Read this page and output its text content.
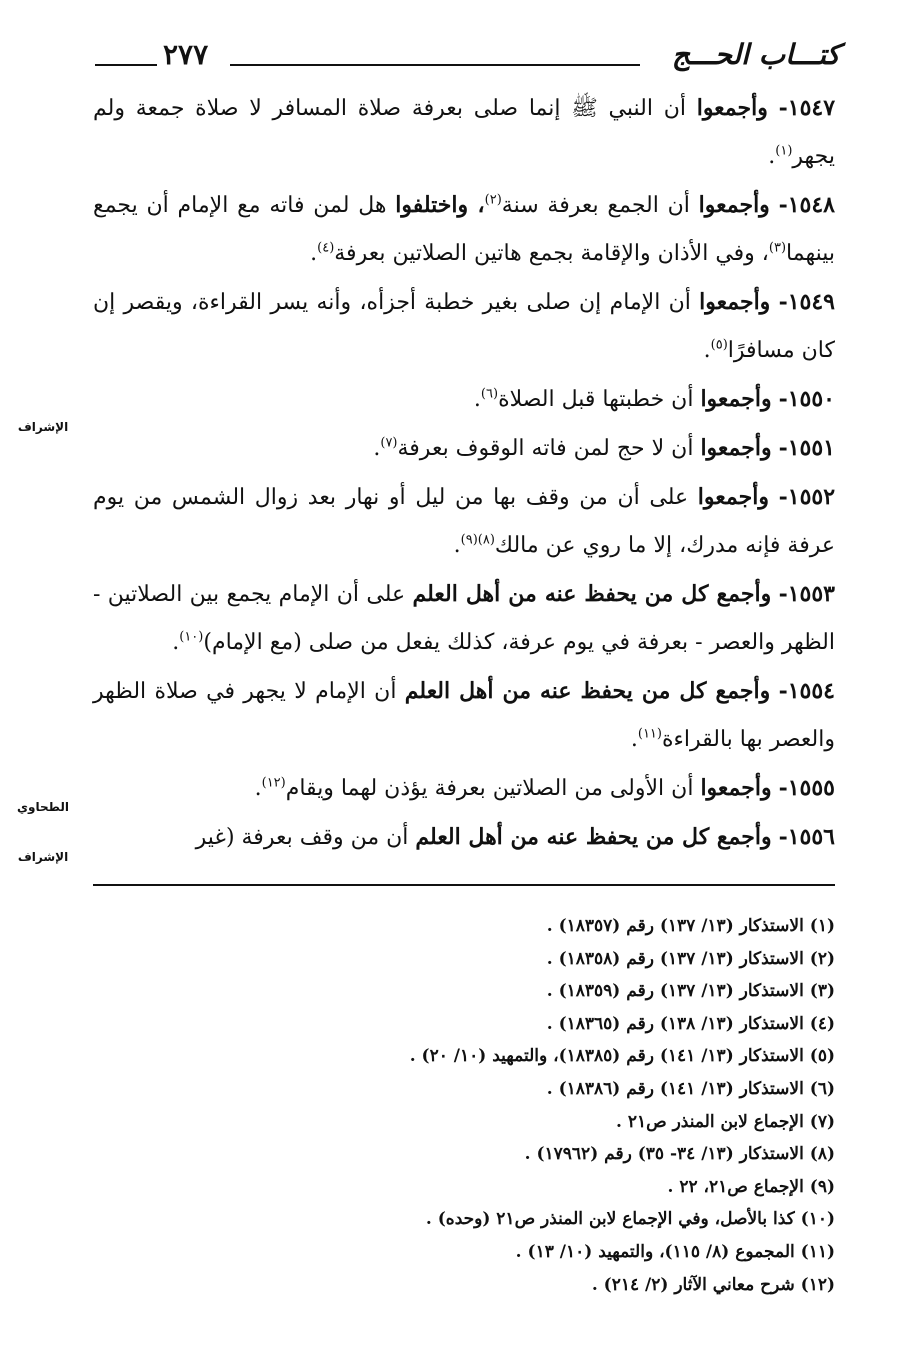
كتـــاب الحـــج
٢٧٧
الإشراف
الطحاوي
الإشراف

١٥٤٧- وأجمعوا أن النبي ﷺ إنما صلى بعرفة صلاة المسافر لا صلاة جمعة ولم يجهر$^{(١)}$.

١٥٤٨- وأجمعوا أن الجمع بعرفة سنة$^{(٢)}$، واختلفوا هل لمن فاته مع الإمام أن يجمع بينهما$^{(٣)}$، وفي الأذان والإقامة بجمع هاتين الصلاتين بعرفة$^{(٤)}$.

١٥٤٩- وأجمعوا أن الإمام إن صلى بغير خطبة أجزأه، وأنه يسر القراءة، ويقصر إن كان مسافرًا$^{(٥)}$.

١٥٥٠- وأجمعوا أن خطبتها قبل الصلاة$^{(٦)}$.

١٥٥١- وأجمعوا أن لا حج لمن فاته الوقوف بعرفة$^{(٧)}$.

١٥٥٢- وأجمعوا على أن من وقف بها من ليل أو نهار بعد زوال الشمس من يوم عرفة فإنه مدرك، إلا ما روي عن مالك$^{(٨)(٩)}$.

١٥٥٣- وأجمع كل من يحفظ عنه من أهل العلم على أن الإمام يجمع بين الصلاتين - الظهر والعصر - بعرفة في يوم عرفة، كذلك يفعل من صلى (مع الإمام)$^{(١٠)}$.

١٥٥٤- وأجمع كل من يحفظ عنه من أهل العلم أن الإمام لا يجهر في صلاة الظهر والعصر بها بالقراءة$^{(١١)}$.

١٥٥٥- وأجمعوا أن الأولى من الصلاتين بعرفة يؤذن لهما ويقام$^{(١٢)}$.

١٥٥٦- وأجمع كل من يحفظ عنه من أهل العلم أن من وقف بعرفة (غير

(١) الاستذكار (١٣/ ١٣٧) رقم (١٨٣٥٧) .

(٢) الاستذكار (١٣/ ١٣٧) رقم (١٨٣٥٨) .

(٣) الاستذكار (١٣/ ١٣٧) رقم (١٨٣٥٩) .

(٤) الاستذكار (١٣/ ١٣٨) رقم (١٨٣٦٥) .

(٥) الاستذكار (١٣/ ١٤١) رقم (١٨٣٨٥)، والتمهيد (١٠/ ٢٠) .

(٦) الاستذكار (١٣/ ١٤١) رقم (١٨٣٨٦) .

(٧) الإجماع لابن المنذر ص٢١ .

(٨) الاستذكار (١٣/ ٣٤- ٣٥) رقم (١٧٩٦٢) .

(٩) الإجماع ص٢١، ٢٢ .

(١٠) كذا بالأصل، وفي الإجماع لابن المنذر ص٢١ (وحده) .

(١١) المجموع (٨/ ١١٥)، والتمهيد (١٠/ ١٣) .

(١٢) شرح معاني الآثار (٢/ ٢١٤) .
